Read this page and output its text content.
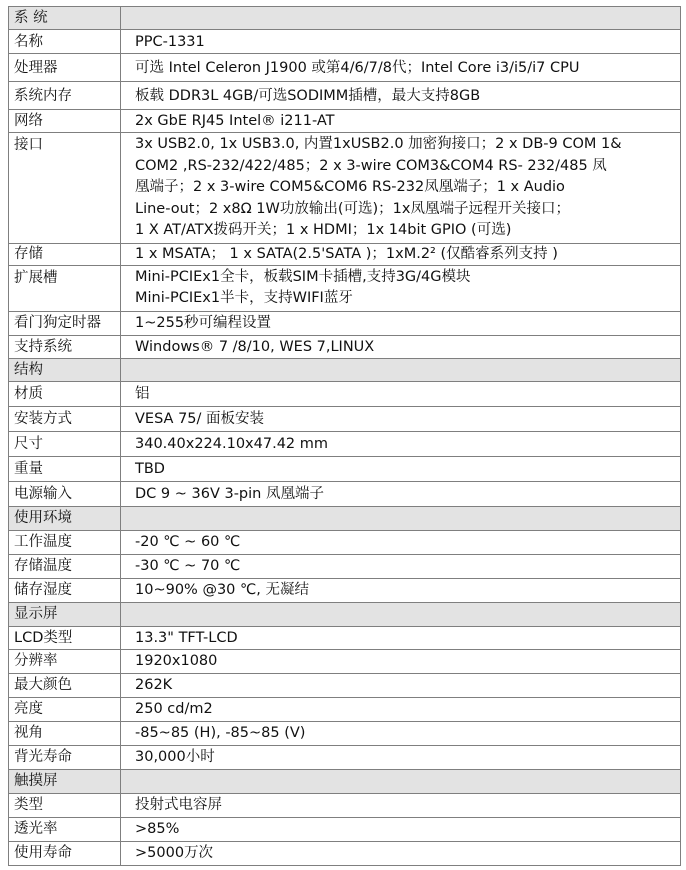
系 统	
名称	PPC-1331
处理器	可选 Intel Celeron J1900 或第4/6/7/8代；Intel Core i3/i5/i7 CPU
系统内存	板载 DDR3L 4GB/可选SODIMM插槽，最大支持8GB
网络	2x GbE RJ45 Intel® i211-AT
接口	3x USB2.0, 1x USB3.0, 内置1xUSB2.0 加密狗接口；2 x DB-9 COM 1&
COM2 ,RS-232/422/485；2 x 3-wire COM3&COM4 RS- 232/485 凤
凰端子；2 x 3-wire COM5&COM6 RS-232凤凰端子；1 x Audio
Line-out；2 x8Ω 1W功放输出(可选)；1x凤凰端子远程开关接口；
1 X AT/ATX拨码开关；1 x HDMI；1x 14bit GPIO (可选)
存储	1 x MSATA； 1 x SATA(2.5'SATA )；1xM.2² (仅酷睿系列支持 )
扩展槽	Mini-PCIEx1全卡，板载SIM卡插槽,支持3G/4G模块
Mini-PCIEx1半卡，支持WIFI蓝牙
看门狗定时器	1~255秒可编程设置
支持系统	Windows® 7 /8/10, WES 7,LINUX
结构	
材质	铝
安装方式	VESA 75/ 面板安装
尺寸	340.40x224.10x47.42 mm
重量	TBD
电源输入	DC 9 ~ 36V 3-pin 凤凰端子
使用环境	
工作温度	-20 ℃ ~ 60 ℃
存储温度	-30 ℃ ~ 70 ℃
储存湿度	10~90% @30 ℃, 无凝结
显示屏	
LCD类型	13.3" TFT-LCD
分辨率	1920x1080
最大颜色	262K
亮度	250 cd/m2
视角	-85~85 (H), -85~85 (V)
背光寿命	30,000小时
触摸屏	
类型	投射式电容屏
透光率	>85%
使用寿命	>5000万次
